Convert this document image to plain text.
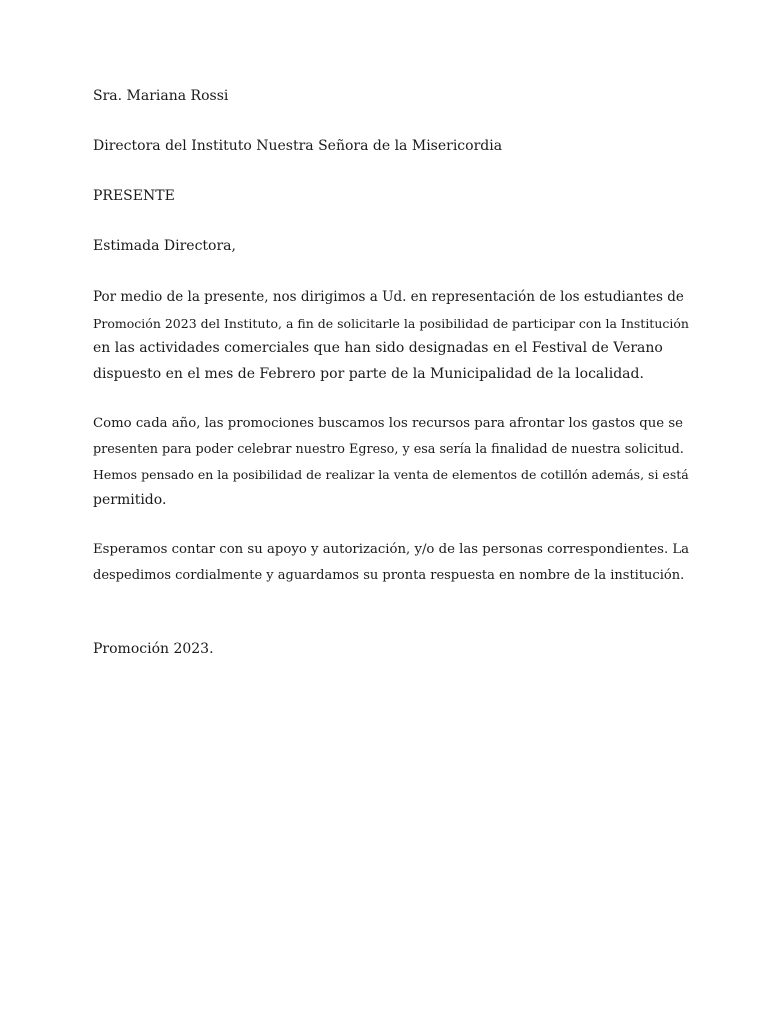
Sra. Mariana Rossi

Directora del Instituto Nuestra Señora de la Misericordia

PRESENTE

Estimada Directora,

Por medio de la presente, nos dirigimos a Ud. en representación de los estudiantes de
Promoción 2023 del Instituto, a fin de solicitarle la posibilidad de participar con la Institución
en las actividades comerciales que han sido designadas en el Festival de Verano
dispuesto en el mes de Febrero por parte de la Municipalidad de la localidad.
Como cada año, las promociones buscamos los recursos para afrontar los gastos que se
presenten para poder celebrar nuestro Egreso, y esa sería la finalidad de nuestra solicitud.
Hemos pensado en la posibilidad de realizar la venta de elementos de cotillón además, si está
permitido.
Esperamos contar con su apoyo y autorización, y/o de las personas correspondientes. La
despedimos cordialmente y aguardamos su pronta respuesta en nombre de la institución.

Promoción 2023.
